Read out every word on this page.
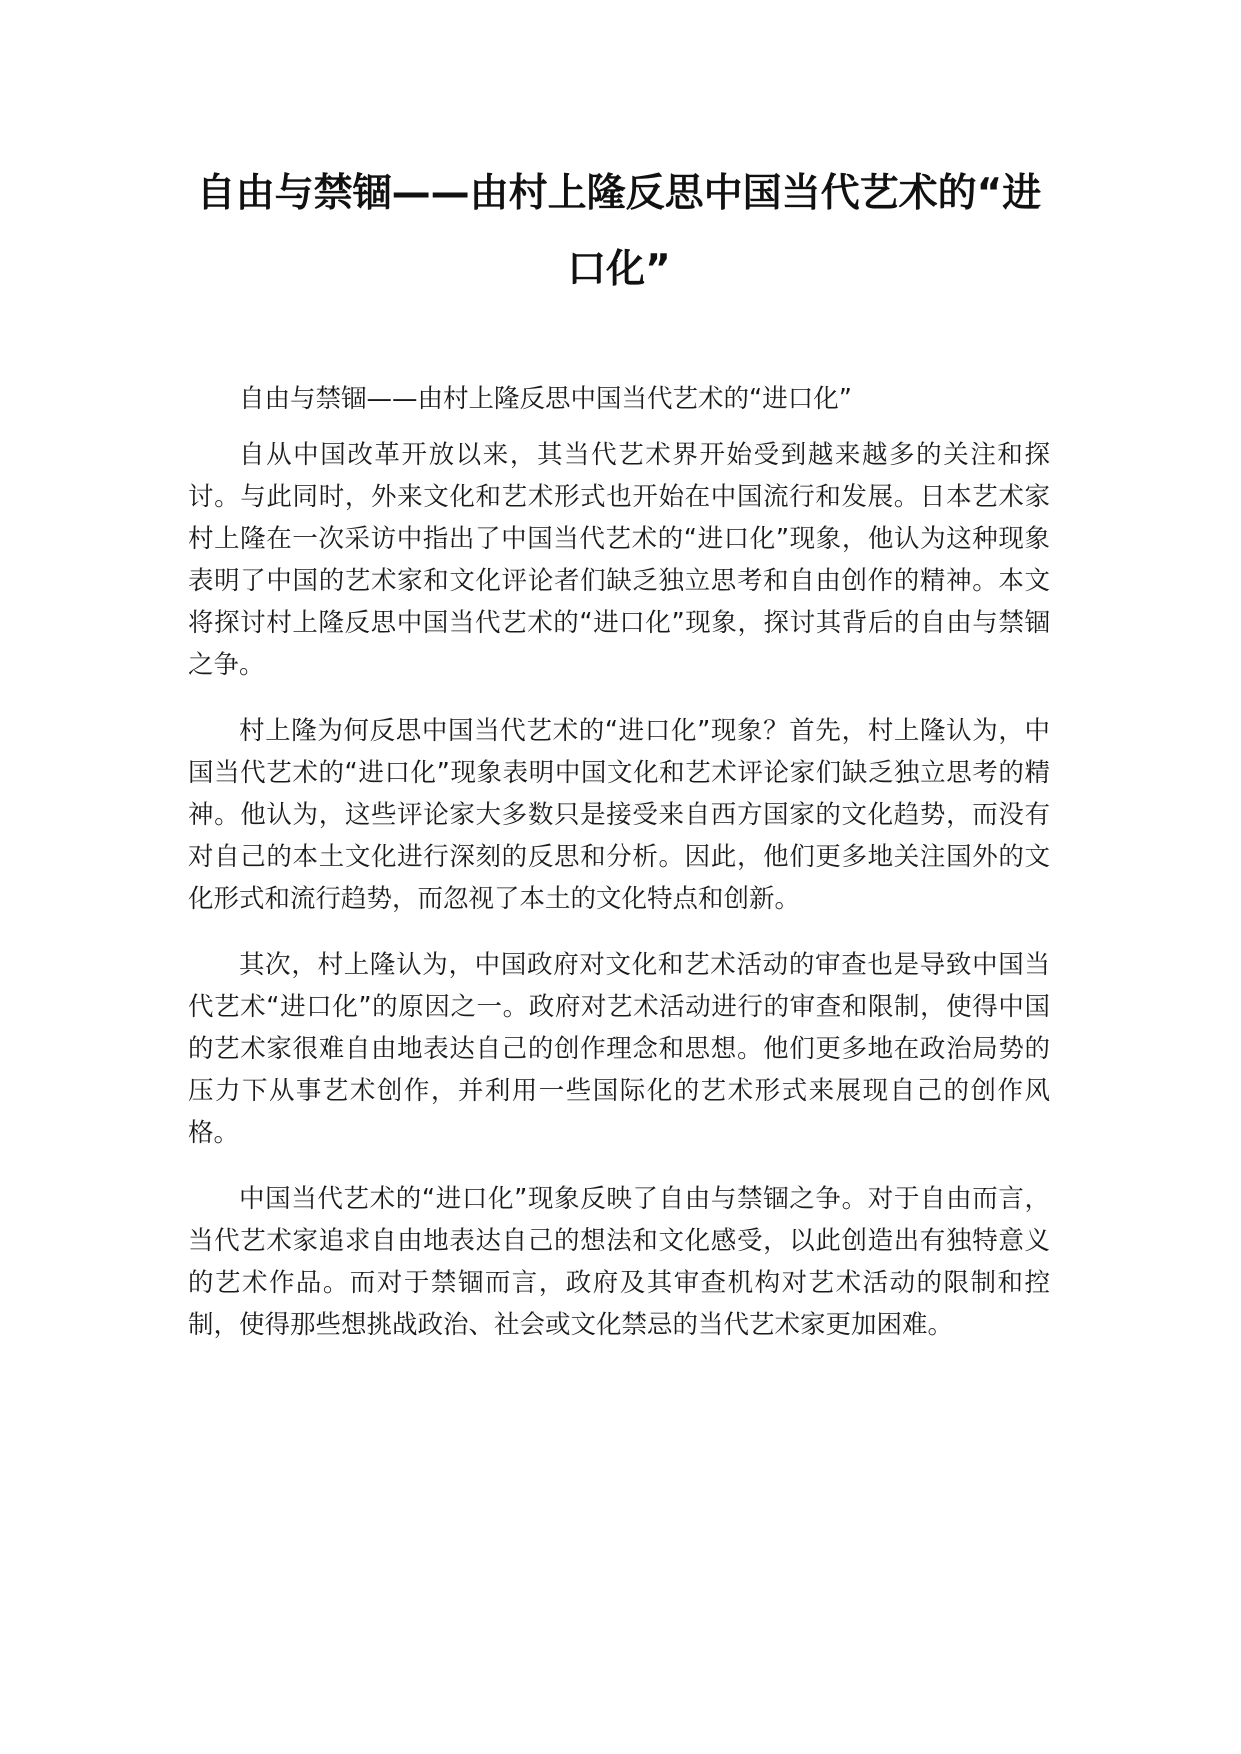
自由与禁锢——由村上隆反思中国当代艺术的“进口化”

自由与禁锢——由村上隆反思中国当代艺术的“进口化”

自从中国改革开放以来，其当代艺术界开始受到越来越多的关注和探讨。与此同时，外来文化和艺术形式也开始在中国流行和发展。日本艺术家村上隆在一次采访中指出了中国当代艺术的“进口化”现象，他认为这种现象表明了中国的艺术家和文化评论者们缺乏独立思考和自由创作的精神。本文将探讨村上隆反思中国当代艺术的“进口化”现象，探讨其背后的自由与禁锢之争。

村上隆为何反思中国当代艺术的“进口化”现象？首先，村上隆认为，中国当代艺术的“进口化”现象表明中国文化和艺术评论家们缺乏独立思考的精神。他认为，这些评论家大多数只是接受来自西方国家的文化趋势，而没有对自己的本土文化进行深刻的反思和分析。因此，他们更多地关注国外的文化形式和流行趋势，而忽视了本土的文化特点和创新。

其次，村上隆认为，中国政府对文化和艺术活动的审查也是导致中国当代艺术“进口化”的原因之一。政府对艺术活动进行的审查和限制，使得中国的艺术家很难自由地表达自己的创作理念和思想。他们更多地在政治局势的压力下从事艺术创作，并利用一些国际化的艺术形式来展现自己的创作风格。

中国当代艺术的“进口化”现象反映了自由与禁锢之争。对于自由而言，当代艺术家追求自由地表达自己的想法和文化感受，以此创造出有独特意义的艺术作品。而对于禁锢而言，政府及其审查机构对艺术活动的限制和控制，使得那些想挑战政治、社会或文化禁忌的当代艺术家更加困难。
